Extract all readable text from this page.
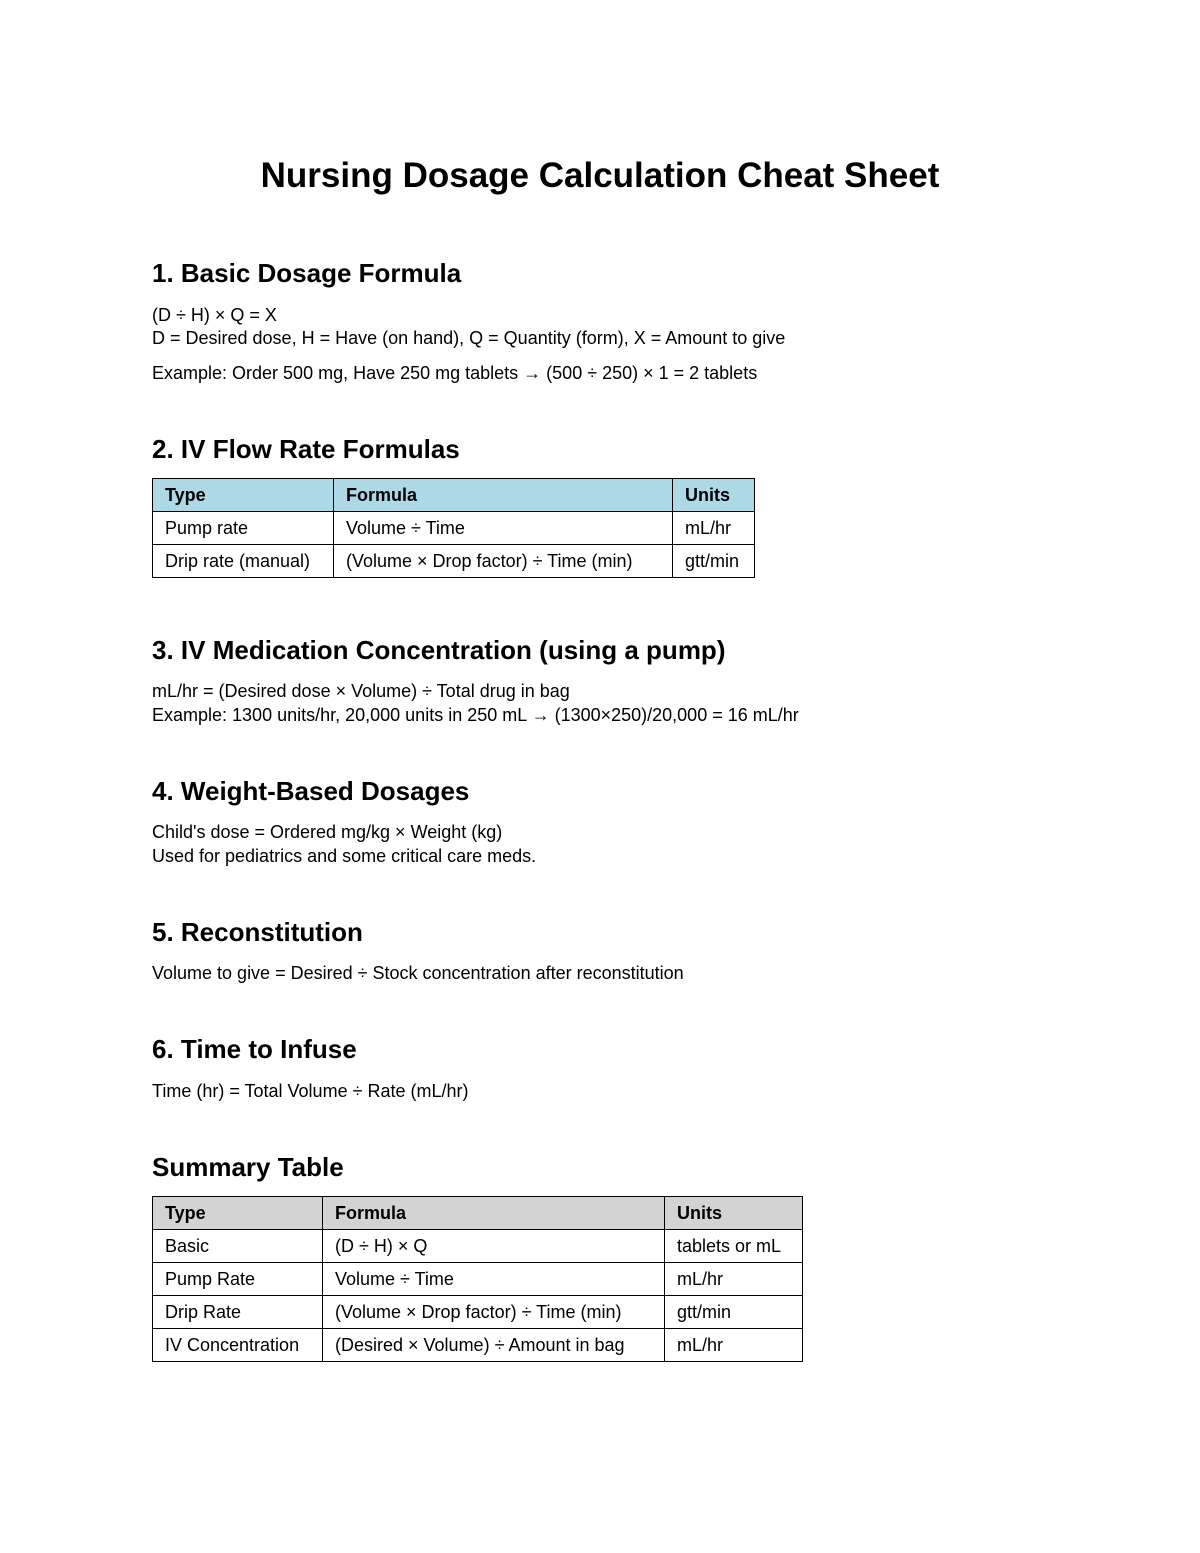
Nursing Dosage Calculation Cheat Sheet
1. Basic Dosage Formula

(D ÷ H) × Q = X

D = Desired dose, H = Have (on hand), Q = Quantity (form), X = Amount to give

Example: Order 500 mg, Have 250 mg tablets → (500 ÷ 250) × 1 = 2 tablets

2. IV Flow Rate Formulas
Type	Formula	Units
Pump rate	Volume ÷ Time	mL/hr
Drip rate (manual)	(Volume × Drop factor) ÷ Time (min)	gtt/min
3. IV Medication Concentration (using a pump)

mL/hr = (Desired dose × Volume) ÷ Total drug in bag

Example: 1300 units/hr, 20,000 units in 250 mL → (1300×250)/20,000 = 16 mL/hr

4. Weight-Based Dosages

Child's dose = Ordered mg/kg × Weight (kg)

Used for pediatrics and some critical care meds.

5. Reconstitution

Volume to give = Desired ÷ Stock concentration after reconstitution

6. Time to Infuse

Time (hr) = Total Volume ÷ Rate (mL/hr)

Summary Table
Type	Formula	Units
Basic	(D ÷ H) × Q	tablets or mL
Pump Rate	Volume ÷ Time	mL/hr
Drip Rate	(Volume × Drop factor) ÷ Time (min)	gtt/min
IV Concentration	(Desired × Volume) ÷ Amount in bag	mL/hr
